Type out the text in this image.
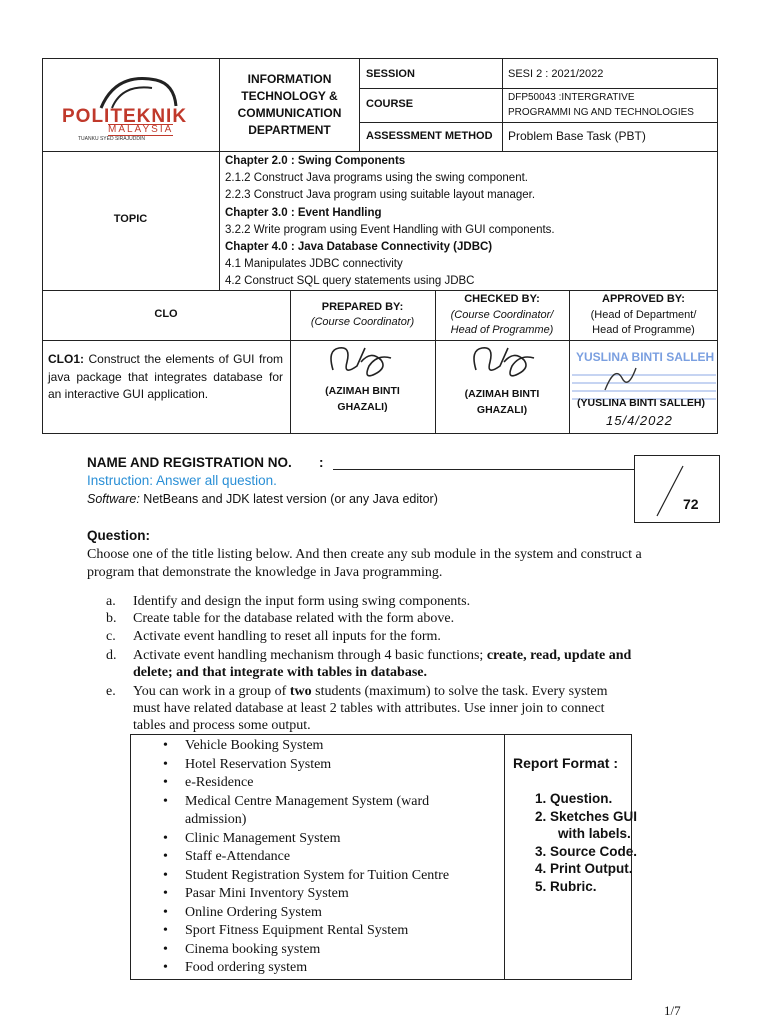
POLITEKNIK
MALAYSIA
TUANKU SYED SIRAJUDDIN
INFORMATION
TECHNOLOGY &
COMMUNICATION
DEPARTMENT
SESSION	SESI 2 : 2021/2022
COURSE
DFP50043 :INTERGRATIVE
PROGRAMMI NG AND TECHNOLOGIES
ASSESSMENT METHOD Problem Base Task (PBT)
TOPIC
Chapter 2.0 : Swing Components
2.1.2 Construct Java programs using the swing component.
2.2.3 Construct Java program using suitable layout manager.
Chapter 3.0 : Event Handling
3.2.2 Write program using Event Handling with GUI components.
Chapter 4.0 : Java Database Connectivity (JDBC)
4.1 Manipulates JDBC connectivity
4.2 Construct SQL query statements using JDBC
CLO
PREPARED BY:
(Course Coordinator)
CHECKED BY:
(Course Coordinator/
Head of Programme)
APPROVED BY:
(Head of Department/
Head of Programme)
CLO1: Construct the elements of GUI from java package that integrates database for an interactive GUI application.	(AZIMAH BINTI
GHAZALI)
(AZIMAH BINTI
GHAZALI)
YUSLINA BINTI SALLEH
(YUSLINA BINTI SALLEH)
15/4/2022
NAME AND REGISTRATION NO. :
72
Instruction: Answer all question.
Software: NetBeans and JDK latest version (or any Java editor)
Question:
Choose one of the title listing below. And then create any sub module in the system and construct a program that demonstrate the knowledge in Java programming.
a. Identify and design the input form using swing components.
b. Create table for the database related with the form above.
c. Activate event handling to reset all inputs for the form.
d. Activate event handling mechanism through 4 basic functions; create, read, update and
delete; and that integrate with tables in database.
e. You can work in a group of two students (maximum) to solve the task. Every system
must have related database at least 2 tables with attributes. Use inner join to connect
tables and process some output.
• Vehicle Booking System
• Hotel Reservation System
• e-Residence
• Medical Centre Management System (ward
admission)
• Clinic Management System
• Staff e-Attendance
• Student Registration System for Tuition Centre
• Pasar Mini Inventory System
• Online Ordering System
• Sport Fitness Equipment Rental System
• Cinema booking system
• Food ordering system
Report Format :
1. Question.
2. Sketches GUI
with labels.
3. Source Code.
4. Print Output.
5. Rubric.
1/7
